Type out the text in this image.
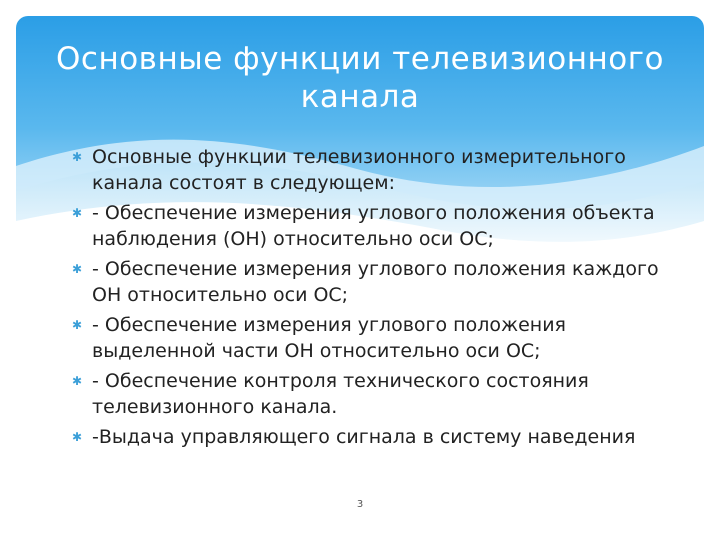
Основные функции телевизионного канала
✱ Основные функции телевизионного измерительного канала состоят в следующем:
✱ - Обеспечение измерения углового положения объекта наблюдения (ОН) относительно оси ОС;
✱ - Обеспечение измерения углового положения каждого ОН относительно оси ОС;
✱ - Обеспечение измерения углового положения выделенной части ОН относительно оси ОС;
✱ - Обеспечение контроля технического состояния телевизионного канала.
✱ -Выдача управляющего сигнала в систему наведения
3
